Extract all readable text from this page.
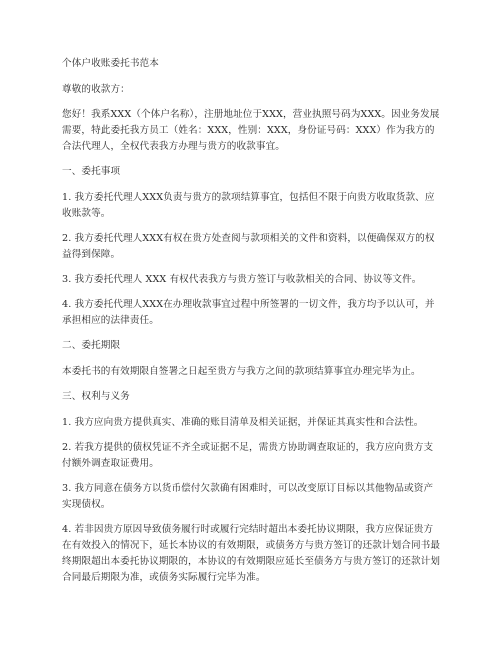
个体户收账委托书范本

尊敬的收款方：

您好！我系XXX（个体户名称），注册地址位于XXX，营业执照号码为XXX。因业务发展需要，特此委托我方员工（姓名：XXX，性别：XXX，身份证号码：XXX）作为我方的合法代理人，全权代表我方办理与贵方的收款事宜。

一、委托事项

1. 我方委托代理人XXX负责与贵方的款项结算事宜，包括但不限于向贵方收取货款、应收账款等。

2. 我方委托代理人XXX有权在贵方处查阅与款项相关的文件和资料，以便确保双方的权益得到保障。

3. 我方委托代理人 XXX 有权代表我方与贵方签订与收款相关的合同、协议等文件。

4. 我方委托代理人XXX在办理收款事宜过程中所签署的一切文件，我方均予以认可，并承担相应的法律责任。

二、委托期限

本委托书的有效期限自签署之日起至贵方与我方之间的款项结算事宜办理完毕为止。

三、权利与义务

1. 我方应向贵方提供真实、准确的账目清单及相关证据，并保证其真实性和合法性。

2. 若我方提供的债权凭证不齐全或证据不足，需贵方协助调查取证的，我方应向贵方支付额外调查取证费用。

3. 我方同意在债务方以货币偿付欠款确有困难时，可以改变原订目标以其他物品或资产实现债权。

4. 若非因贵方原因导致债务履行时或履行完结时超出本委托协议期限，我方应保证贵方在有效投入的情况下，延长本协议的有效期限，或债务方与贵方签订的还款计划合同书最终期限超出本委托协议期限的，本协议的有效期限应延长至债务方与贵方签订的还款计划合同最后期限为准，或债务实际履行完毕为准。
